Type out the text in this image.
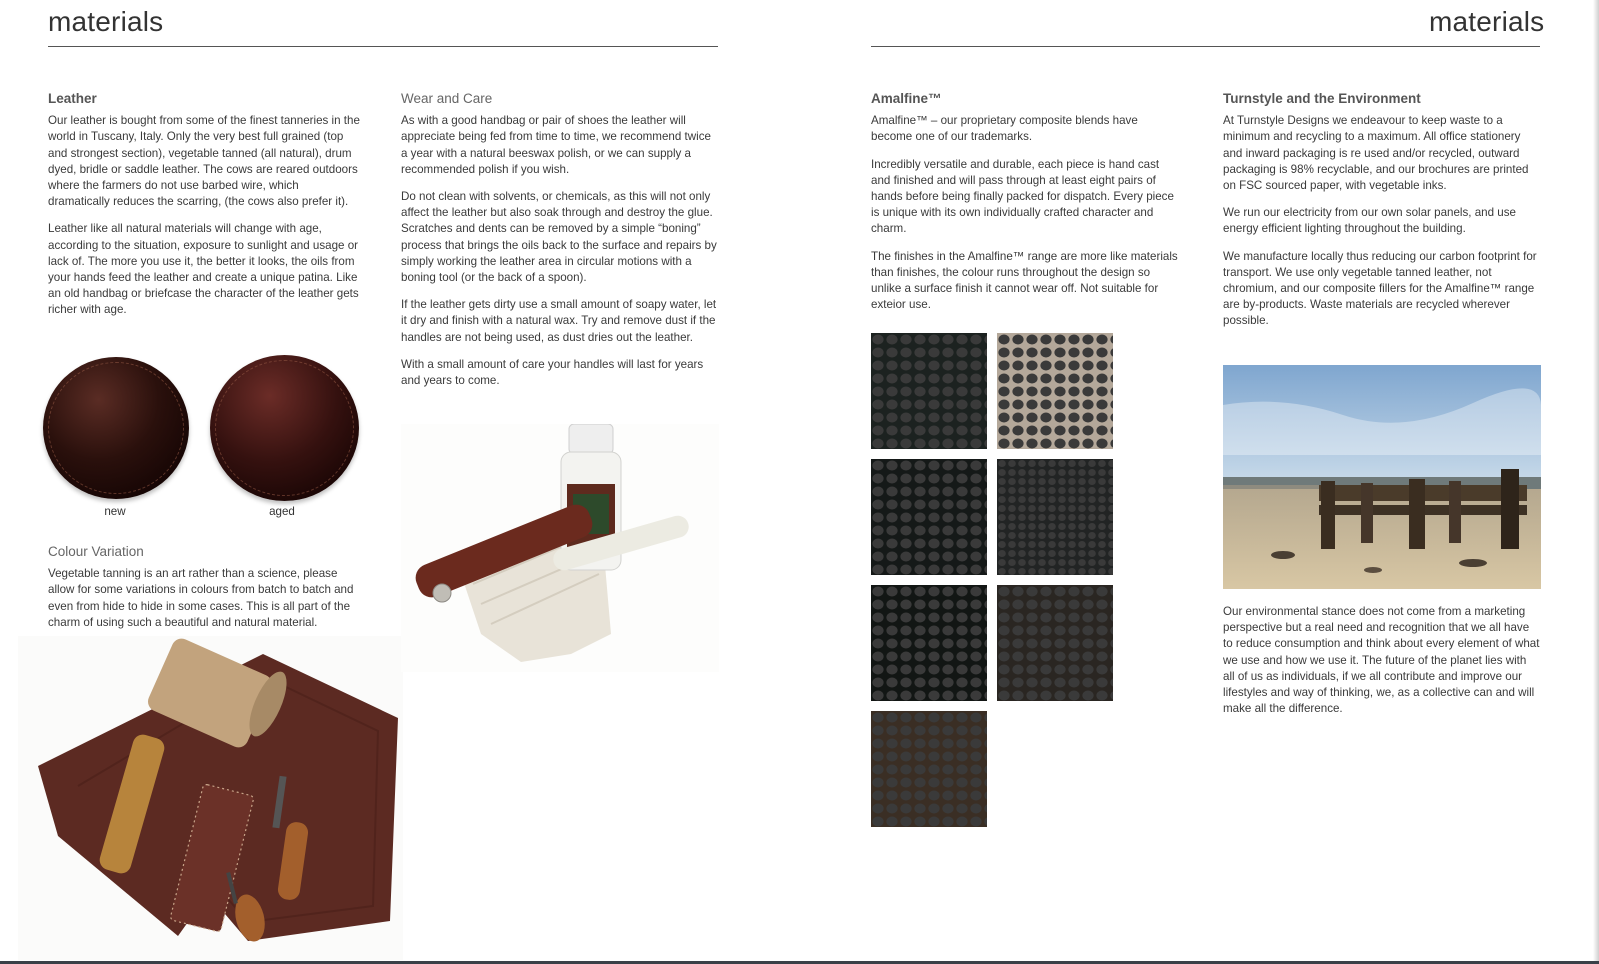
materials
Leather

Our leather is bought from some of the finest tanneries in the world in Tuscany, Italy. Only the very best full grained (top and strongest section), vegetable tanned (all natural), drum dyed, bridle or saddle leather. The cows are reared outdoors where the farmers do not use barbed wire, which dramatically reduces the scarring, (the cows also prefer it).

Leather like all natural materials will change with age, according to the situation, exposure to sunlight and usage or lack of. The more you use it, the better it looks, the oils from your hands feed the leather and create a unique patina. Like an old handbag or briefcase the character of the leather gets richer with age.

new	aged
Colour Variation

Vegetable tanning is an art rather than a science, please allow for some variations in colours from batch to batch and even from hide to hide in some cases. This is all part of the charm of using such a beautiful and natural material.

Wear and Care

As with a good handbag or pair of shoes the leather will appreciate being fed from time to time, we recommend twice a year with a natural beeswax polish, or we can supply a recommended polish if you wish.

Do not clean with solvents, or chemicals, as this will not only affect the leather but also soak through and destroy the glue. Scratches and dents can be removed by a simple “boning” process that brings the oils back to the surface and repairs by simply working the leather area in circular motions with a boning tool (or the back of a spoon).

If the leather gets dirty use a small amount of soapy water, let it dry and finish with a natural wax. Try and remove dust if the handles are not being used, as dust dries out the leather.

With a small amount of care your handles will last for years and years to come.

materials
Amalfine™

Amalfine™ – our proprietary composite blends have become one of our trademarks.

Incredibly versatile and durable, each piece is hand cast and finished and will pass through at least eight pairs of hands before being finally packed for dispatch. Every piece is unique with its own individually crafted character and charm.

The finishes in the Amalfine™ range are more like materials than finishes, the colour runs throughout the design so unlike a surface finish it cannot wear off. Not suitable for exteior use.

Turnstyle and the Environment

At Turnstyle Designs we endeavour to keep waste to a minimum and recycling to a maximum. All office stationery and inward packaging is re used and/or recycled, outward packaging is 98% recyclable, and our brochures are printed on FSC sourced paper, with vegetable inks.

We run our electricity from our own solar panels, and use energy efficient lighting throughout the building.

We manufacture locally thus reducing our carbon footprint for transport. We use only vegetable tanned leather, not chromium, and our composite fillers for the Amalfine™ range are by-products. Waste materials are recycled wherever possible.

Our environmental stance does not come from a marketing perspective but a real need and recognition that we all have to reduce consumption and think about every element of what we use and how we use it. The future of the planet lies with all of us as individuals, if we all contribute and improve our lifestyles and way of thinking, we, as a collective can and will make all the difference.
